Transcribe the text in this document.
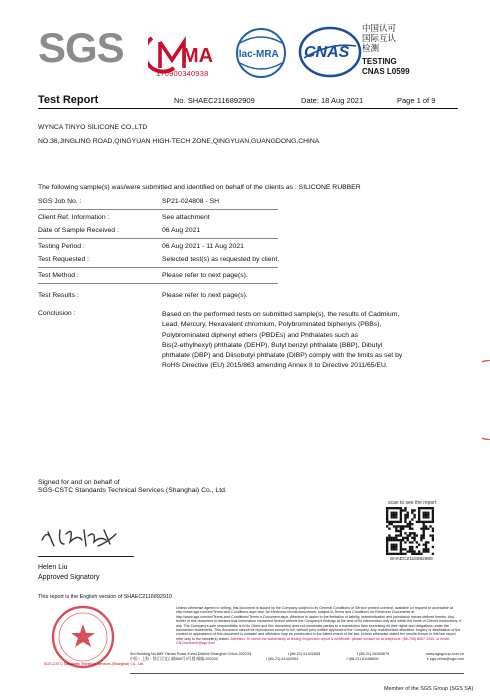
SGS	MA
170900340938
ilac-MRA CNAS
中国认可
国际互认
检测
TESTING
CNAS L0599
Test Report	No. SHAEC2116892909	Date: 18 Aug 2021	Page 1 of 9
WYNCA TINYO SILICONE CO.,LTD
NO.36,JINGLING ROAD,QINGYUAN HIGH-TECH ZONE,QINGYUAN,GUANGDONG,CHINA
The following sample(s) was/were submitted and identified on behalf of the clients as : SILICONE RUBBER
SGS Job No. :	SP21-024808 - SH
Client Ref. Information :	See attachment
Date of Sample Received :	06 Aug 2021
Testing Period :	06 Aug 2021 - 11 Aug 2021
Test Requested :	Selected test(s) as requested by client.
Test Method :	Please refer to next page(s).
Test Results :	Please refer to next page(s).
Conclusion :	Based on the performed tests on submitted sample(s), the results of Cadmium,
Lead, Mercury, Hexavalent chromium, Polybrominated biphenyls (PBBs),
Polybrominated diphenyl ethers (PBDEs) and Phthalates such as
Bis(2-ethylhexyl) phthalate (DEHP), Butyl benzyl phthalate (BBP), Dibutyl
phthalate (DBP) and Diisobutyl phthalate (DIBP) comply with the limits as set by
RoHS Directive (EU) 2015/863 amending Annex II to Directive 2011/65/EU.
Signed for and on behalf of
SGS-CSTC Standards Technical Services (Shanghai) Co., Ltd.
scan to see the report
SHAEC2116892909
Helen Liu
Approved Signatory
This report is the English version of SHAEC2116892910 .
SGS-CSTC Standards Technical Services (Shanghai) Co., Ltd.
Unless otherwise agreed in writing, this document is issued by the Company subject to its General Conditions of Service printed overleaf, available on request or accessible at http://www.sgs.com/en/Terms-and-Conditions.aspx and, for electronic format documents, subject to Terms and Conditions for Electronic Documents at http://www.sgs.com/en/Terms-and-Conditions/Terms-e-Document.aspx. Attention is drawn to the limitation of liability, indemnification and jurisdiction issues defined therein. Any holder of this document is advised that information contained hereon reflects the Company's findings at the time of its intervention only and within the limits of Client's instructions, if any. The Company's sole responsibility is to its Client and this document does not exonerate parties to a transaction from exercising all their rights and obligations under the transaction documents. This document cannot be reproduced except in full, without prior written approval of the Company. Any unauthorized alteration, forgery or falsification of the content or appearance of this document is unlawful and offenders may be prosecuted to the fullest extent of the law. Unless otherwise stated the results shown in this test report refer only to the sample(s) tested. Attention: To check the authenticity of testing /inspection report & certificate, please contact us at telephone: (86-755) 8307 1443, or email: CN.Doccheck@sgs.com
3rd Building,No.889 Yishan Road Xuhui District,Shanghai China 200233	t (86-21) 61402553	f (86-21) 64953679	www.sgsgroup.com.cn
中国・上海・徐汇区宜山路889号3号楼 邮编:200233	t (86-21) 61402594	f (86-21) 61156899	e sgs.china@sgs.com
Member of the SGS Group (SGS SA)
